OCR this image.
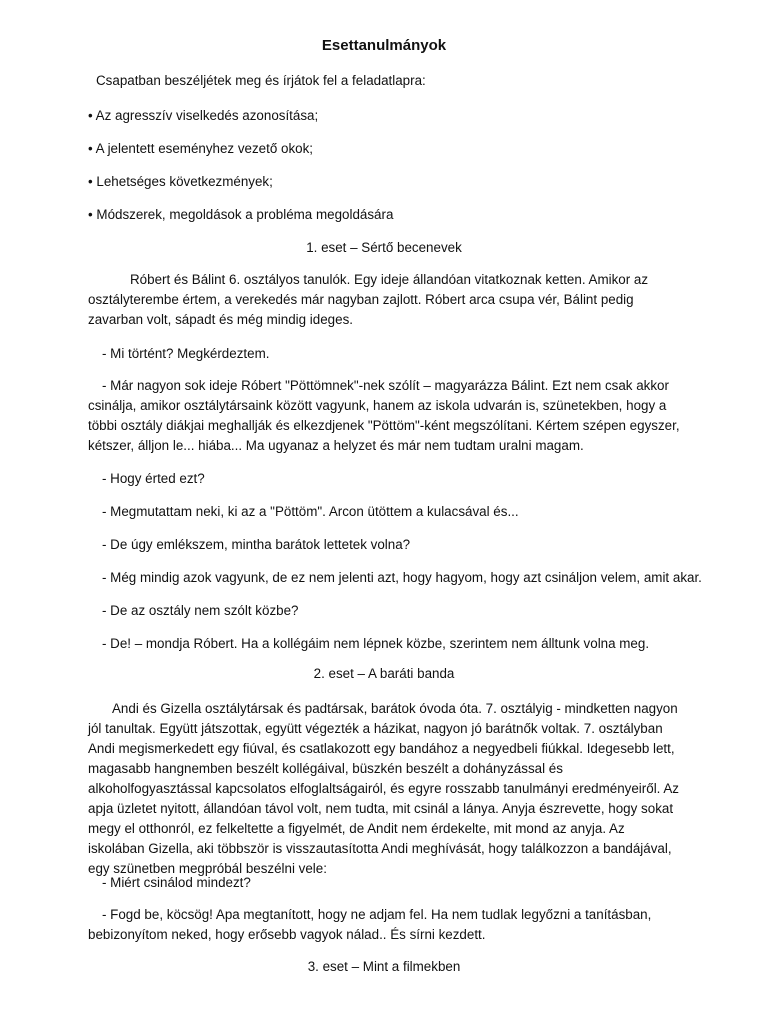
Esettanulmányok
Csapatban beszéljétek meg és írjátok fel a feladatlapra:
• Az agresszív viselkedés azonosítása;
• A jelentett eseményhez vezető okok;
• Lehetséges következmények;
• Módszerek, megoldások a probléma megoldására
1. eset – Sértő becenevek
Róbert és Bálint 6. osztályos tanulók. Egy ideje állandóan vitatkoznak ketten. Amikor az osztályterembe értem, a verekedés már nagyban zajlott. Róbert arca csupa vér, Bálint pedig zavarban volt, sápadt és még mindig ideges.
- Mi történt? Megkérdeztem.
- Már nagyon sok ideje Róbert "Pöttömnek"-nek szólít – magyarázza Bálint. Ezt nem csak akkor csinálja, amikor osztálytársaink között vagyunk, hanem az iskola udvarán is, szünetekben, hogy a többi osztály diákjai meghallják és elkezdjenek "Pöttöm"-ként megszólítani. Kértem szépen egyszer, kétszer, álljon le... hiába... Ma ugyanaz a helyzet és már nem tudtam uralni magam.
- Hogy érted ezt?
- Megmutattam neki, ki az a "Pöttöm". Arcon ütöttem a kulacsával és...
- De úgy emlékszem, mintha barátok lettetek volna?
- Még mindig azok vagyunk, de ez nem jelenti azt, hogy hagyom, hogy azt csináljon velem, amit akar.
- De az osztály nem szólt közbe?
- De! – mondja Róbert. Ha a kollégáim nem lépnek közbe, szerintem nem álltunk volna meg.
2. eset – A baráti banda
Andi és Gizella osztálytársak és padtársak, barátok óvoda óta. 7. osztályig - mindketten nagyon jól tanultak. Együtt játszottak, együtt végezték a házikat, nagyon jó barátnők voltak. 7. osztályban Andi megismerkedett egy fiúval, és csatlakozott egy bandához a negyedbeli fiúkkal. Idegesebb lett, magasabb hangnemben beszélt kollégáival, büszkén beszélt a dohányzással és alkoholfogyasztással kapcsolatos elfoglaltságairól, és egyre rosszabb tanulmányi eredményeiről. Az apja üzletet nyitott, állandóan távol volt, nem tudta, mit csinál a lánya. Anyja észrevette, hogy sokat megy el otthonról, ez felkeltette a figyelmét, de Andit nem érdekelte, mit mond az anyja. Az iskolában Gizella, aki többször is visszautasította Andi meghívását, hogy találkozzon a bandájával, egy szünetben megpróbál beszélni vele:
- Miért csinálod mindezt?
- Fogd be, köcsög! Apa megtanított, hogy ne adjam fel. Ha nem tudlak legyőzni a tanításban, bebizonyítom neked, hogy erősebb vagyok nálad.. És sírni kezdett.
3. eset – Mint a filmekben
